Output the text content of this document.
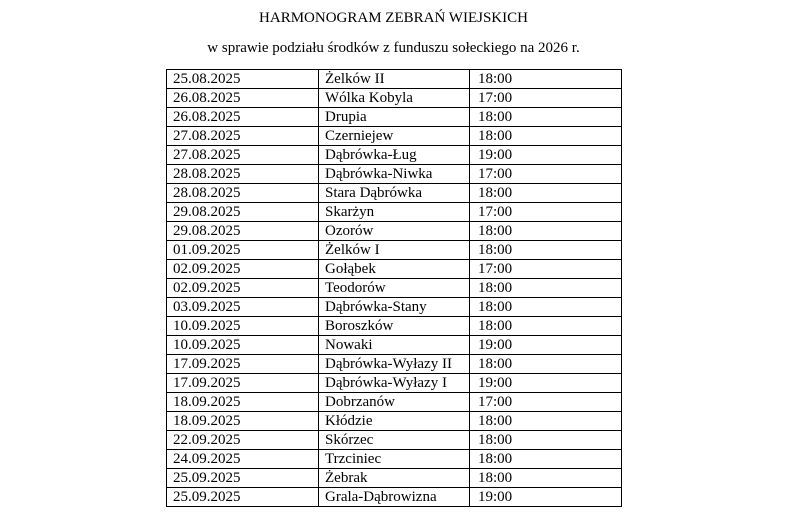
HARMONOGRAM ZEBRAŃ WIEJSKICH
w sprawie podziału środków z funduszu sołeckiego na 2026 r.
25.08.2025	Żelków II	18:00
26.08.2025	Wólka Kobyla	17:00
26.08.2025	Drupia	18:00
27.08.2025	Czerniejew	18:00
27.08.2025	Dąbrówka-Ług	19:00
28.08.2025	Dąbrówka-Niwka	17:00
28.08.2025	Stara Dąbrówka	18:00
29.08.2025	Skarżyn	17:00
29.08.2025	Ozorów	18:00
01.09.2025	Żelków I	18:00
02.09.2025	Gołąbek	17:00
02.09.2025	Teodorów	18:00
03.09.2025	Dąbrówka-Stany	18:00
10.09.2025	Boroszków	18:00
10.09.2025	Nowaki	19:00
17.09.2025	Dąbrówka-Wyłazy II	18:00
17.09.2025	Dąbrówka-Wyłazy I	19:00
18.09.2025	Dobrzanów	17:00
18.09.2025	Kłódzie	18:00
22.09.2025	Skórzec	18:00
24.09.2025	Trzciniec	18:00
25.09.2025	Żebrak	18:00
25.09.2025	Grala-Dąbrowizna	19:00
